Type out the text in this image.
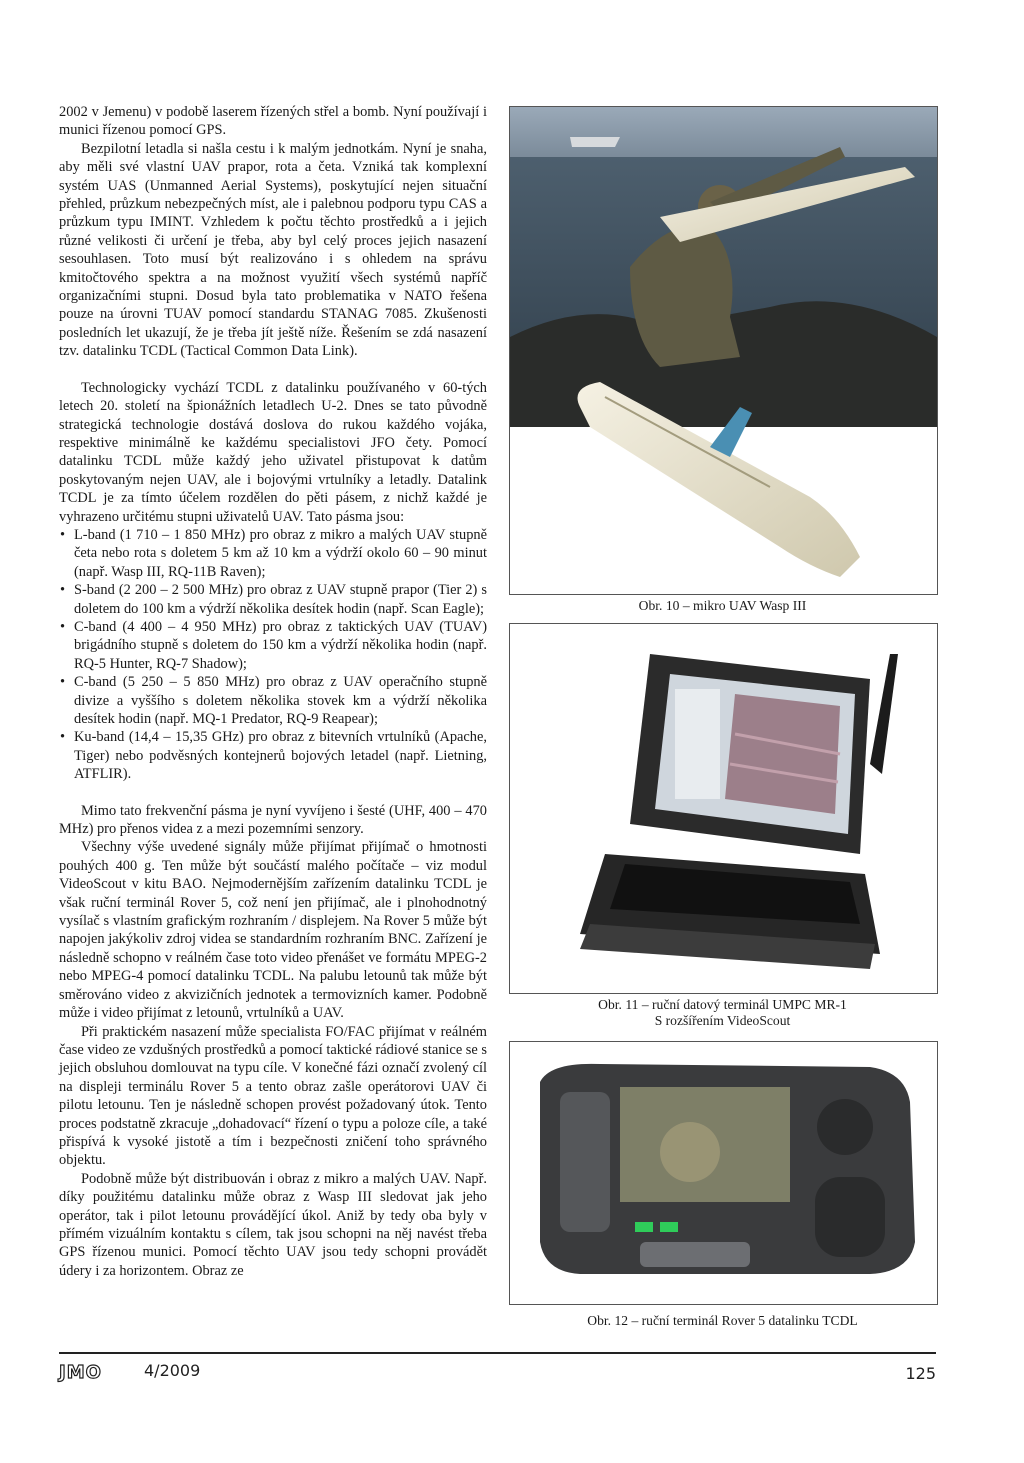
2002 v Jemenu) v podobě laserem řízených střel a bomb. Nyní používají i munici řízenou pomocí GPS.

Bezpilotní letadla si našla cestu i k malým jednotkám. Nyní je snaha, aby měli své vlastní UAV prapor, rota a četa. Vzniká tak komplexní systém UAS (Unmanned Aerial Systems), poskytující nejen situační přehled, průzkum nebezpečných míst, ale i palebnou podporu typu CAS a průzkum typu IMINT. Vzhledem k počtu těchto prostředků a i jejich různé velikosti či určení je třeba, aby byl celý proces jejich nasazení sesouhlasen. Toto musí být realizováno i s ohledem na správu kmitočtového spektra a na možnost využití všech systémů napříč organizačními stupni. Dosud byla tato problematika v NATO řešena pouze na úrovni TUAV pomocí standardu STANAG 7085. Zkušenosti posledních let ukazují, že je třeba jít ještě níže. Řešením se zdá nasazení tzv. datalinku TCDL (Tactical Common Data Link).

Technologicky vychází TCDL z datalinku používaného v 60-tých letech 20. století na špionážních letadlech U-2. Dnes se tato původně strategická technologie dostává doslova do rukou každého vojáka, respektive minimálně ke každému specialistovi JFO čety. Pomocí datalinku TCDL může každý jeho uživatel přistupovat k datům poskytovaným nejen UAV, ale i bojovými vrtulníky a letadly. Datalink TCDL je za tímto účelem rozdělen do pěti pásem, z nichž každé je vyhrazeno určitému stupni uživatelů UAV. Tato pásma jsou:

• L-band (1 710 – 1 850 MHz) pro obraz z mikro a malých UAV stupně četa nebo rota s doletem 5 km až 10 km a výdrží okolo 60 – 90 minut (např. Wasp III, RQ-11B Raven);
• S-band (2 200 – 2 500 MHz) pro obraz z UAV stupně prapor (Tier 2) s doletem do 100 km a výdrží několika desítek hodin (např. Scan Eagle);
• C-band (4 400 – 4 950 MHz) pro obraz z taktických UAV (TUAV) brigádního stupně s doletem do 150 km a výdrží několika hodin (např. RQ-5 Hunter, RQ-7 Shadow);
• C-band (5 250 – 5 850 MHz) pro obraz z UAV operačního stupně divize a vyššího s doletem několika stovek km a výdrží několika desítek hodin (např. MQ-1 Predator, RQ-9 Reapear);
• Ku-band (14,4 – 15,35 GHz) pro obraz z bitevních vrtulníků (Apache, Tiger) nebo podvěsných kontejnerů bojových letadel (např. Lietning, ATFLIR).

Mimo tato frekvenční pásma je nyní vyvíjeno i šesté (UHF, 400 – 470 MHz) pro přenos videa z a mezi pozemními senzory.

Všechny výše uvedené signály může přijímat přijímač o hmotnosti pouhých 400 g. Ten může být součástí malého počítače – viz modul VideoScout v kitu BAO. Nejmodernějším zařízením datalinku TCDL je však ruční terminál Rover 5, což není jen přijímač, ale i plnohodnotný vysílač s vlastním grafickým rozhraním / displejem. Na Rover 5 může být napojen jakýkoliv zdroj videa se standardním rozhraním BNC. Zařízení je následně schopno v reálném čase toto video přenášet ve formátu MPEG-2 nebo MPEG-4 pomocí datalinku TCDL. Na palubu letounů tak může být směrováno video z akvizičních jednotek a termovizních kamer. Podobně může i video přijímat z letounů, vrtulníků a UAV.

Při praktickém nasazení může specialista FO/FAC přijímat v reálném čase video ze vzdušných prostředků a pomocí taktické rádiové stanice se s jejich obsluhou domlouvat na typu cíle. V konečné fázi označí zvolený cíl na displeji terminálu Rover 5 a tento obraz zašle operátorovi UAV či pilotu letounu. Ten je následně schopen provést požadovaný útok. Tento proces podstatně zkracuje „dohadovací“ řízení o typu a poloze cíle, a také přispívá k vysoké jistotě a tím i bezpečnosti zničení toho správného objektu.

Podobně může být distribuován i obraz z mikro a malých UAV. Např. díky použitému datalinku může obraz z Wasp III sledovat jak jeho operátor, tak i pilot letounu provádějící úkol. Aniž by tedy oba byly v přímém vizuálním kontaktu s cílem, tak jsou schopni na něj navést třeba GPS řízenou munici. Pomocí těchto UAV jsou tedy schopni provádět údery i za horizontem. Obraz ze

Obr. 10 – mikro UAV Wasp III
Obr. 11 – ruční datový terminál UMPC MR-1
S rozšířením VideoScout
Obr. 12 – ruční terminál Rover 5 datalinku TCDL
JMO	4/2009	125
